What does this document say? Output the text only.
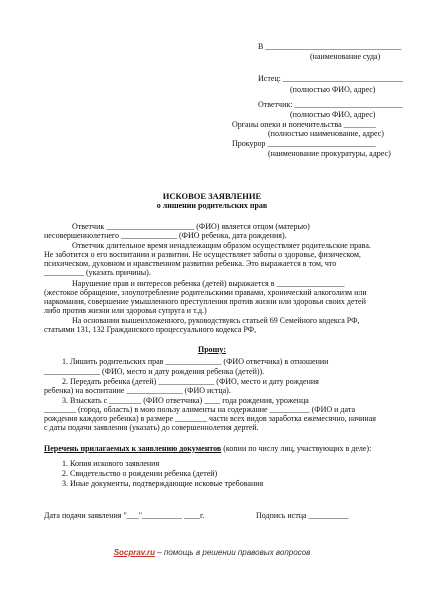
В __________________________________
(наименование суда)
Истец: ______________________________
(полностью ФИО, адрес)
Ответчик: ___________________________
(полностью ФИО, адрес)
Органы опеки и попечительства ________
(полностью наименование, адрес)
Прокурор ___________________________
(наименование прокуратуры, адрес)
ИСКОВОЕ ЗАЯВЛЕНИЕ
о лишении родительских прав
Ответчик ______________________ (ФИО) является отцом (матерью)
несовершеннолетнего ______________ (ФИО ребенка, дата рождения).
Ответчик длительное время ненадлежащим образом осуществляет родительские права.
Не заботится о его воспитании и развитии. Не осуществляет заботы о здоровье, физическом,
психическом, духовном и нравственном развитии ребенка. Это выражается в том, что
__________ (указать причины).
Нарушение прав и интересов ребенка (детей) выражается в _________________
(жестокое обращение, злоупотребление родительскими правами, хронический алкоголизм или
наркомания, совершение умышленного преступления против жизни или здоровья своих детей
либо против жизни или здоровья супруга и т.д.)
На основании вышеизложенного, руководствуясь статьей 69 Семейного кодекса РФ,
статьями 131, 132 Гражданского процессуального кодекса РФ,
Прошу:
1. Лишить родительских прав ______________ (ФИО ответчика) в отношении
______________ (ФИО, место и дату рождения ребенка (детей)).
2. Передать ребенка (детей) ______________ (ФИО, место и дату рождения
ребенка) на воспитание ______________ (ФИО истца).
3. Взыскать с ________ (ФИО ответчика) ____ года рождения, уроженца
________ (город, область) в мою пользу алименты на содержание __________ (ФИО и дата
рождения каждого ребенка) в размере ________ части всех видов заработка ежемесячно, начиная
с даты подачи заявления (указать) до совершеннолетия дертей.
Перечень прилагаемых к заявлению документов (копии по числу лиц, участвующих в деле):
1. Копия искового заявления
2. Свидетельство о рождении ребенка (детей)
3. Иные документы, подтверждающие исковые требования
Дата подачи заявления "___"__________ ____г.	Подпись истца __________
Socprav.ru – помощь в решении правовых вопросов
